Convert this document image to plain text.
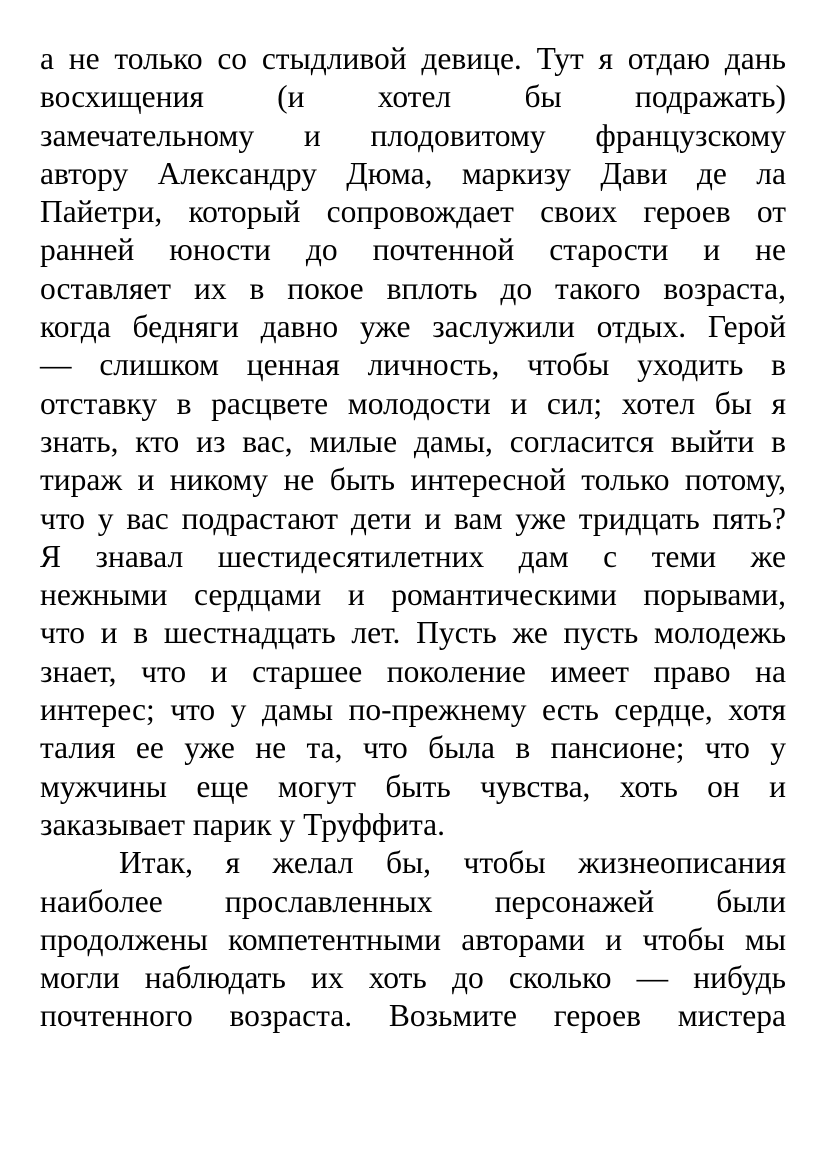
а не только со стыдливой девице. Тут я отдаю дань
восхищения (и хотел бы подражать)
замечательному и плодовитому французскому
автору Александру Дюма, маркизу Дави де ла
Пайетри, который сопровождает своих героев от
ранней юности до почтенной старости и не
оставляет их в покое вплоть до такого возраста,
когда бедняги давно уже заслужили отдых. Герой
— слишком ценная личность, чтобы уходить в
отставку в расцвете молодости и сил; хотел бы я
знать, кто из вас, милые дамы, согласится выйти в
тираж и никому не быть интересной только потому,
что у вас подрастают дети и вам уже тридцать пять?
Я знавал шестидесятилетних дам с теми же
нежными сердцами и романтическими порывами,
что и в шестнадцать лет. Пусть же пусть молодежь
знает, что и старшее поколение имеет право на
интерес; что у дамы по-прежнему есть сердце, хотя
талия ее уже не та, что была в пансионе; что у
мужчины еще могут быть чувства, хоть он и
заказывает парик у Труффита.
Итак, я желал бы, чтобы жизнеописания
наиболее прославленных персонажей были
продолжены компетентными авторами и чтобы мы
могли наблюдать их хоть до сколько — нибудь
почтенного возраста. Возьмите героев мистера
